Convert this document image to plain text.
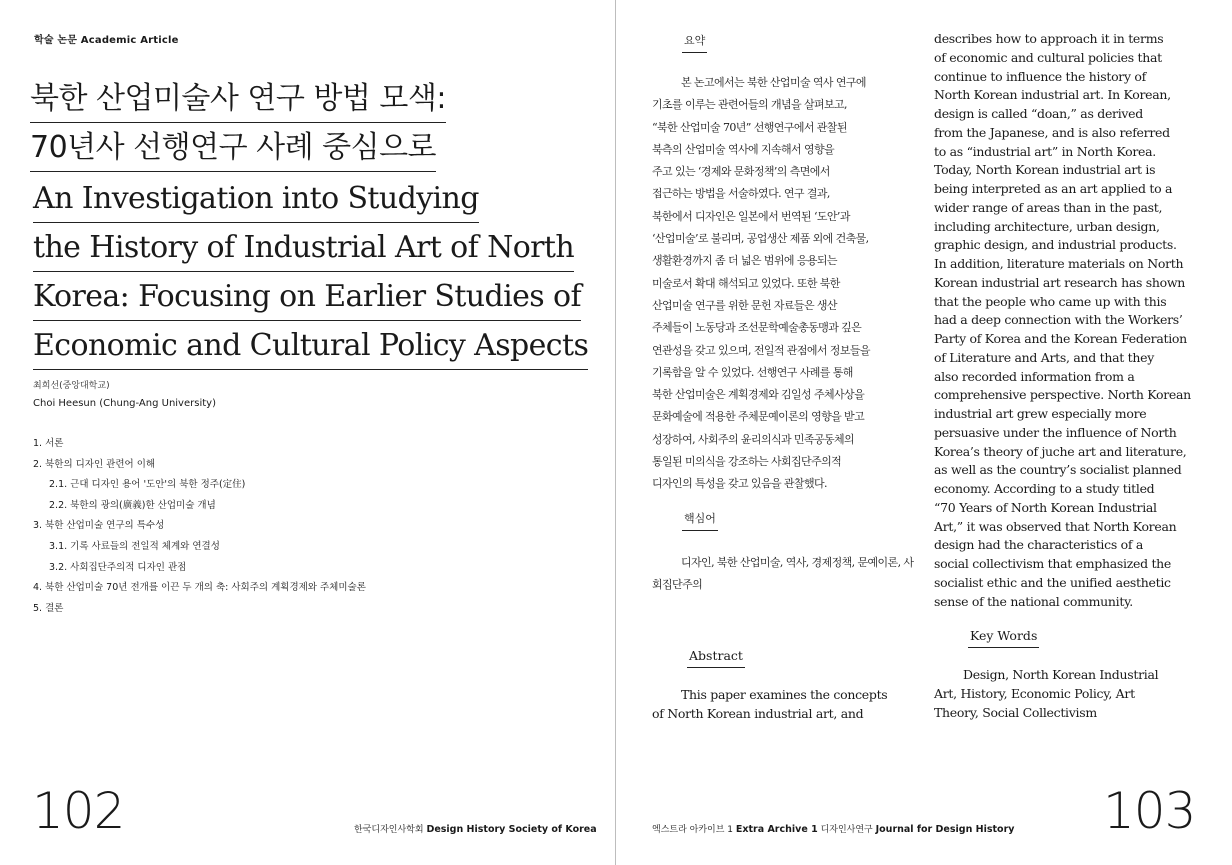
학술 논문 Academic Article
북한 산업미술사 연구 방법 모색:
70년사 선행연구 사례 중심으로
An Investigation into Studying
the History of Industrial Art of North
Korea: Focusing on Earlier Studies of
Economic and Cultural Policy Aspects
최희선(중앙대학교)
Choi Heesun (Chung-Ang University)
1. 서론
2. 북한의 디자인 관련어 이해
2.1. 근대 디자인 용어 '도안'의 북한 정주(定住)
2.2. 북한의 광의(廣義)한 산업미술 개념
3. 북한 산업미술 연구의 특수성
3.1. 기록 사료들의 전일적 체계와 연결성
3.2. 사회집단주의적 디자인 관점
4. 북한 산업미술 70년 전개를 이끈 두 개의 축: 사회주의 계획경제와 주체미술론
5. 결론
102	한국디자인사학회 Design History Society of Korea
요약

본 논고에서는 북한 산업미술 역사 연구에
기초를 이루는 관련어들의 개념을 살펴보고,
“북한 산업미술 70년” 선행연구에서 관찰된
북측의 산업미술 역사에 지속해서 영향을
주고 있는 ‘경제와 문화정책’의 측면에서
접근하는 방법을 서술하였다. 연구 결과,
북한에서 디자인은 일본에서 번역된 ‘도안’과
‘산업미술’로 불리며, 공업생산 제품 외에 건축물,
생활환경까지 좀 더 넓은 범위에 응용되는
미술로서 확대 해석되고 있었다. 또한 북한
산업미술 연구를 위한 문헌 자료들은 생산
주체들이 노동당과 조선문학예술총동맹과 깊은
연관성을 갖고 있으며, 전일적 관점에서 정보들을
기록함을 알 수 있었다. 선행연구 사례를 통해
북한 산업미술은 계획경제와 김일성 주체사상을
문화예술에 적용한 주체문예이론의 영향을 받고
성장하여, 사회주의 윤리의식과 민족공동체의
통일된 미의식을 강조하는 사회집단주의적
디자인의 특성을 갖고 있음을 관찰했다.

핵심어

디자인, 북한 산업미술, 역사, 경제정책, 문예이론, 사회집단주의

Abstract

This paper examines the concepts
of North Korean industrial art, and

describes how to approach it in terms
of economic and cultural policies that
continue to influence the history of
North Korean industrial art. In Korean,
design is called “doan,” as derived
from the Japanese, and is also referred
to as “industrial art” in North Korea.
Today, North Korean industrial art is
being interpreted as an art applied to a
wider range of areas than in the past,
including architecture, urban design,
graphic design, and industrial products.
In addition, literature materials on North
Korean industrial art research has shown
that the people who came up with this
had a deep connection with the Workers’
Party of Korea and the Korean Federation
of Literature and Arts, and that they
also recorded information from a
comprehensive perspective. North Korean
industrial art grew especially more
persuasive under the influence of North
Korea’s theory of juche art and literature,
as well as the country’s socialist planned
economy. According to a study titled
“70 Years of North Korean Industrial
Art,” it was observed that North Korean
design had the characteristics of a
social collectivism that emphasized the
socialist ethic and the unified aesthetic
sense of the national community.

Key Words

Design, North Korean Industrial
Art, History, Economic Policy, Art
Theory, Social Collectivism

엑스트라 아카이브 1 Extra Archive 1 디자인사연구 Journal for Design History 103
